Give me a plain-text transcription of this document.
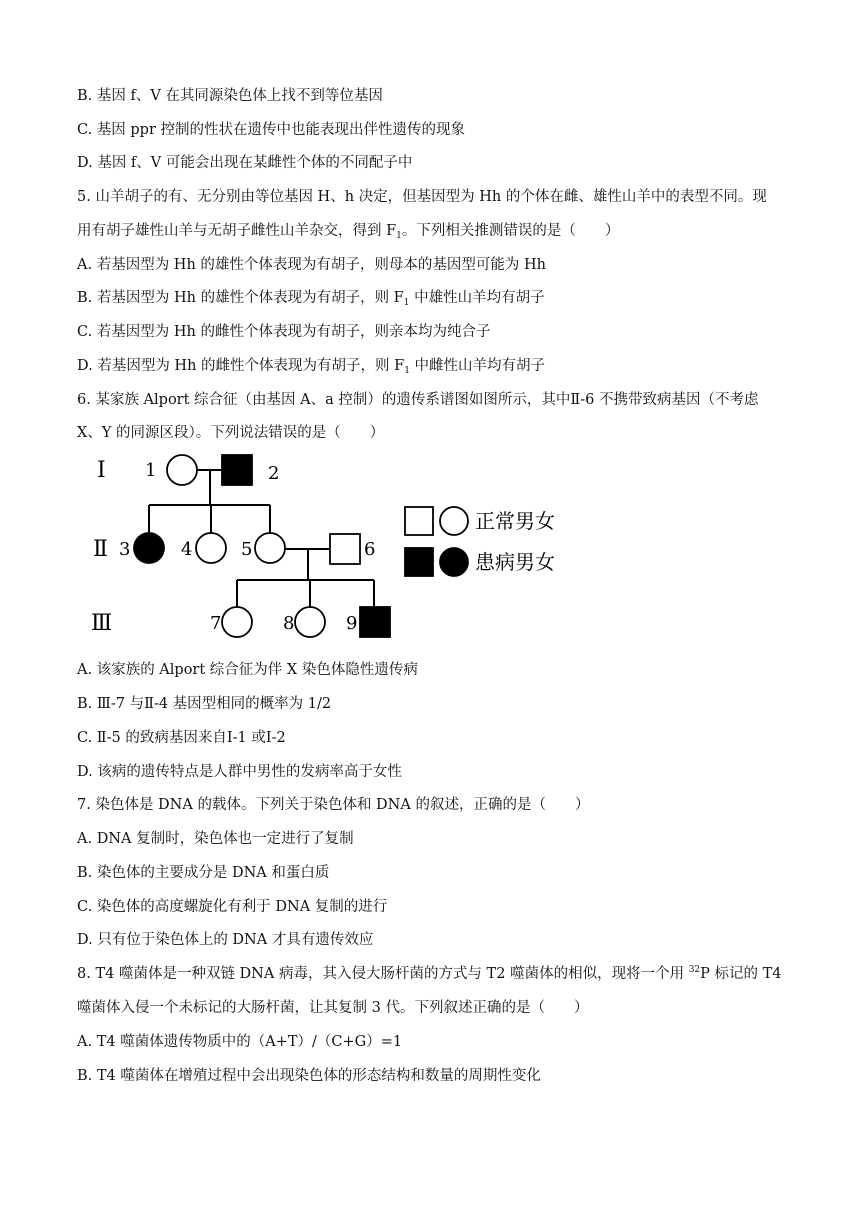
B. 基因 f、V 在其同源染色体上找不到等位基因
C. 基因 ppr 控制的性状在遗传中也能表现出伴性遗传的现象
D. 基因 f、V 可能会出现在某雌性个体的不同配子中
5. 山羊胡子的有、无分别由等位基因 H、h 决定，但基因型为 Hh 的个体在雌、雄性山羊中的表型不同。现
用有胡子雄性山羊与无胡子雌性山羊杂交，得到 $F_1$。下列相关推测错误的是（　　）
A. 若基因型为 Hh 的雄性个体表现为有胡子，则母本的基因型可能为 Hh
B. 若基因型为 Hh 的雄性个体表现为有胡子，则 $F_1$ 中雄性山羊均有胡子
C. 若基因型为 Hh 的雌性个体表现为有胡子，则亲本均为纯合子
D. 若基因型为 Hh 的雌性个体表现为有胡子，则 $F_1$ 中雌性山羊均有胡子
6. 某家族 Alport 综合征（由基因 A、a 控制）的遗传系谱图如图所示，其中Ⅱ-6 不携带致病基因（不考虑
X、Y 的同源区段）。下列说法错误的是（　　）
Ⅰ
Ⅱ
Ⅲ
1	2
3	4	5	6
7	8	9
正常男女
患病男女
A. 该家族的 Alport 综合征为伴 X 染色体隐性遗传病
B. Ⅲ-7 与Ⅱ-4 基因型相同的概率为 1/2
C. Ⅱ-5 的致病基因来自Ⅰ-1 或Ⅰ-2
D. 该病的遗传特点是人群中男性的发病率高于女性
7. 染色体是 DNA 的载体。下列关于染色体和 DNA 的叙述，正确的是（　　）
A. DNA 复制时，染色体也一定进行了复制
B. 染色体的主要成分是 DNA 和蛋白质
C. 染色体的高度螺旋化有利于 DNA 复制的进行
D. 只有位于染色体上的 DNA 才具有遗传效应
8. T4 噬菌体是一种双链 DNA 病毒，其入侵大肠杆菌的方式与 T2 噬菌体的相似，现将一个用 $^{32}$P 标记的 T4
噬菌体入侵一个未标记的大肠杆菌，让其复制 3 代。下列叙述正确的是（　　）
A. T4 噬菌体遗传物质中的（A+T）/（C+G）=1
B. T4 噬菌体在增殖过程中会出现染色体的形态结构和数量的周期性变化
